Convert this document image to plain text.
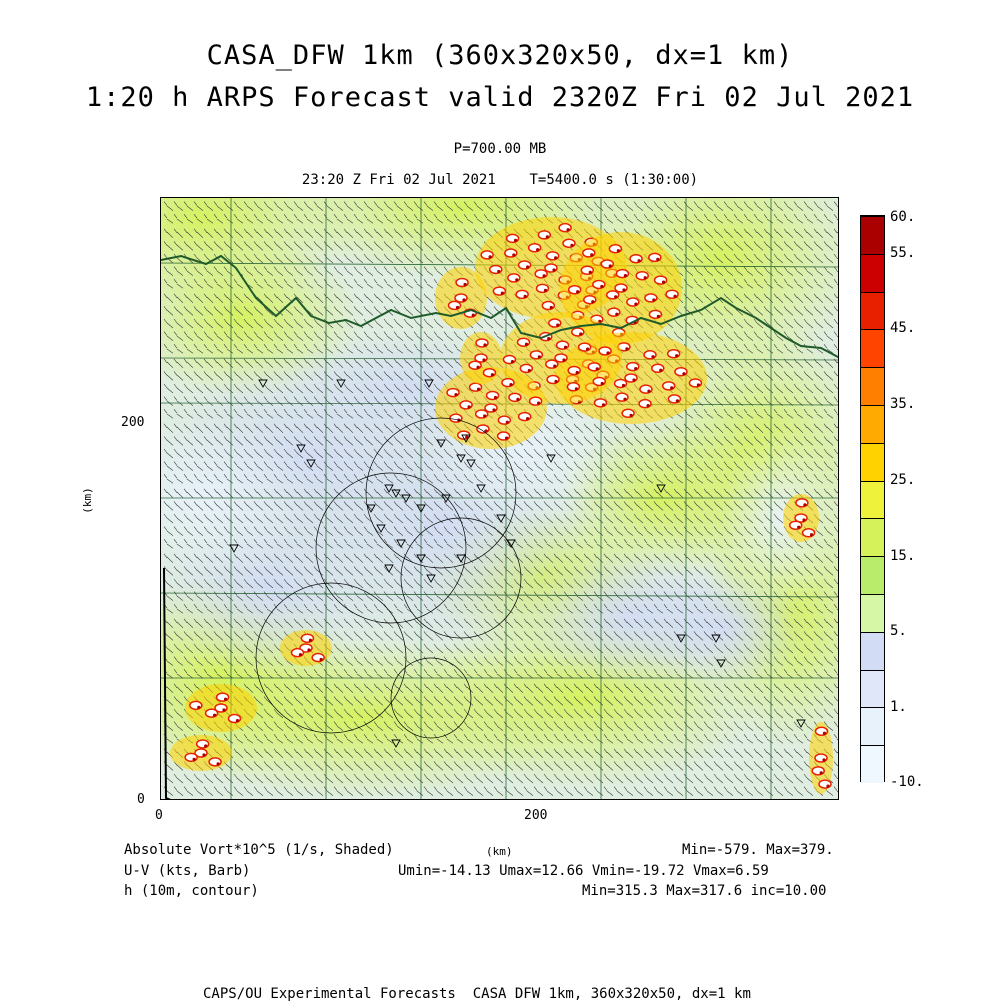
CASA_DFW 1km (360x320x50, dx=1 km)
1:20 h ARPS Forecast valid 2320Z Fri 02 Jul 2021
P=700.00 MB
23:20 Z Fri 02 Jul 2021    T=5400.0 s (1:30:00)
200
0
0	200
(km)
(km)
60.
55.
45.
35.
25.
15.
5.
1.
-10.
Absolute Vort*10^5 (1/s, Shaded)	Min=-579. Max=379.
U-V (kts, Barb)	Umin=-14.13 Umax=12.66 Vmin=-19.72 Vmax=6.59
h (10m, contour)	Min=315.3 Max=317.6 inc=10.00
CAPS/OU Experimental Forecasts  CASA DFW 1km, 360x320x50, dx=1 km
